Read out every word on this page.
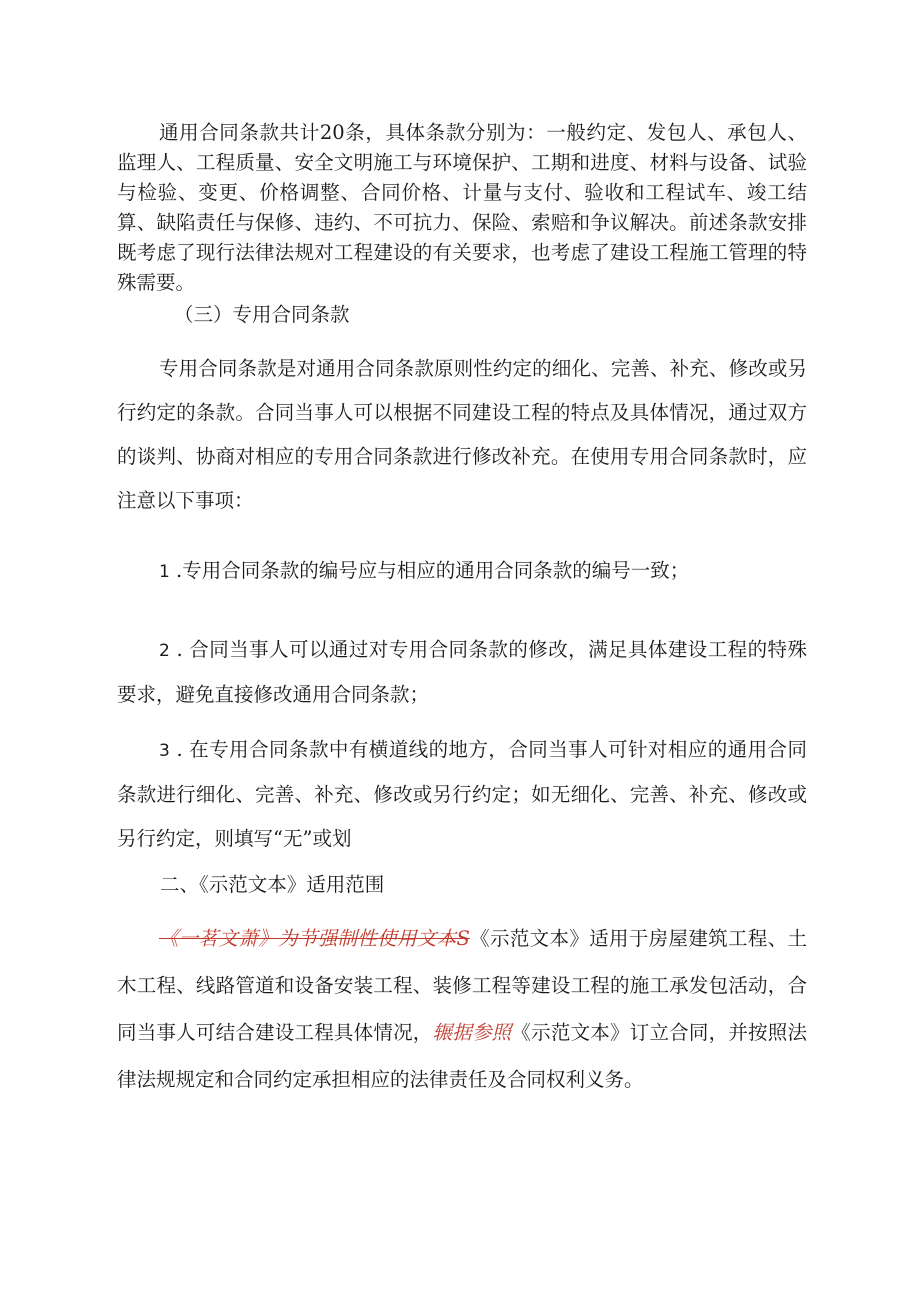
通用合同条款共计20条，具体条款分别为：一般约定、发包人、承包人、监理人、工程质量、安全文明施工与环境保护、工期和进度、材料与设备、试验与检验、变更、价格调整、合同价格、计量与支付、验收和工程试车、竣工结算、缺陷责任与保修、违约、不可抗力、保险、索赔和争议解决。前述条款安排既考虑了现行法律法规对工程建设的有关要求，也考虑了建设工程施工管理的特殊需要。

（三）专用合同条款

专用合同条款是对通用合同条款原则性约定的细化、完善、补充、修改或另行约定的条款。合同当事人可以根据不同建设工程的特点及具体情况，通过双方的谈判、协商对相应的专用合同条款进行修改补充。在使用专用合同条款时，应注意以下事项：

1 .专用合同条款的编号应与相应的通用合同条款的编号一致；

2 . 合同当事人可以通过对专用合同条款的修改，满足具体建设工程的特殊要求，避免直接修改通用合同条款；

3 . 在专用合同条款中有横道线的地方，合同当事人可针对相应的通用合同条款进行细化、完善、补充、修改或另行约定；如无细化、完善、补充、修改或另行约定，则填写“无”或划

二、《示范文本》适用范围

《一茗文萧》为节强制性使用文本S《示范文本》适用于房屋建筑工程、土木工程、线路管道和设备安装工程、装修工程等建设工程的施工承发包活动，合同当事人可结合建设工程具体情况，辗据参照《示范文本》订立合同，并按照法律法规规定和合同约定承担相应的法律责任及合同权利义务。
